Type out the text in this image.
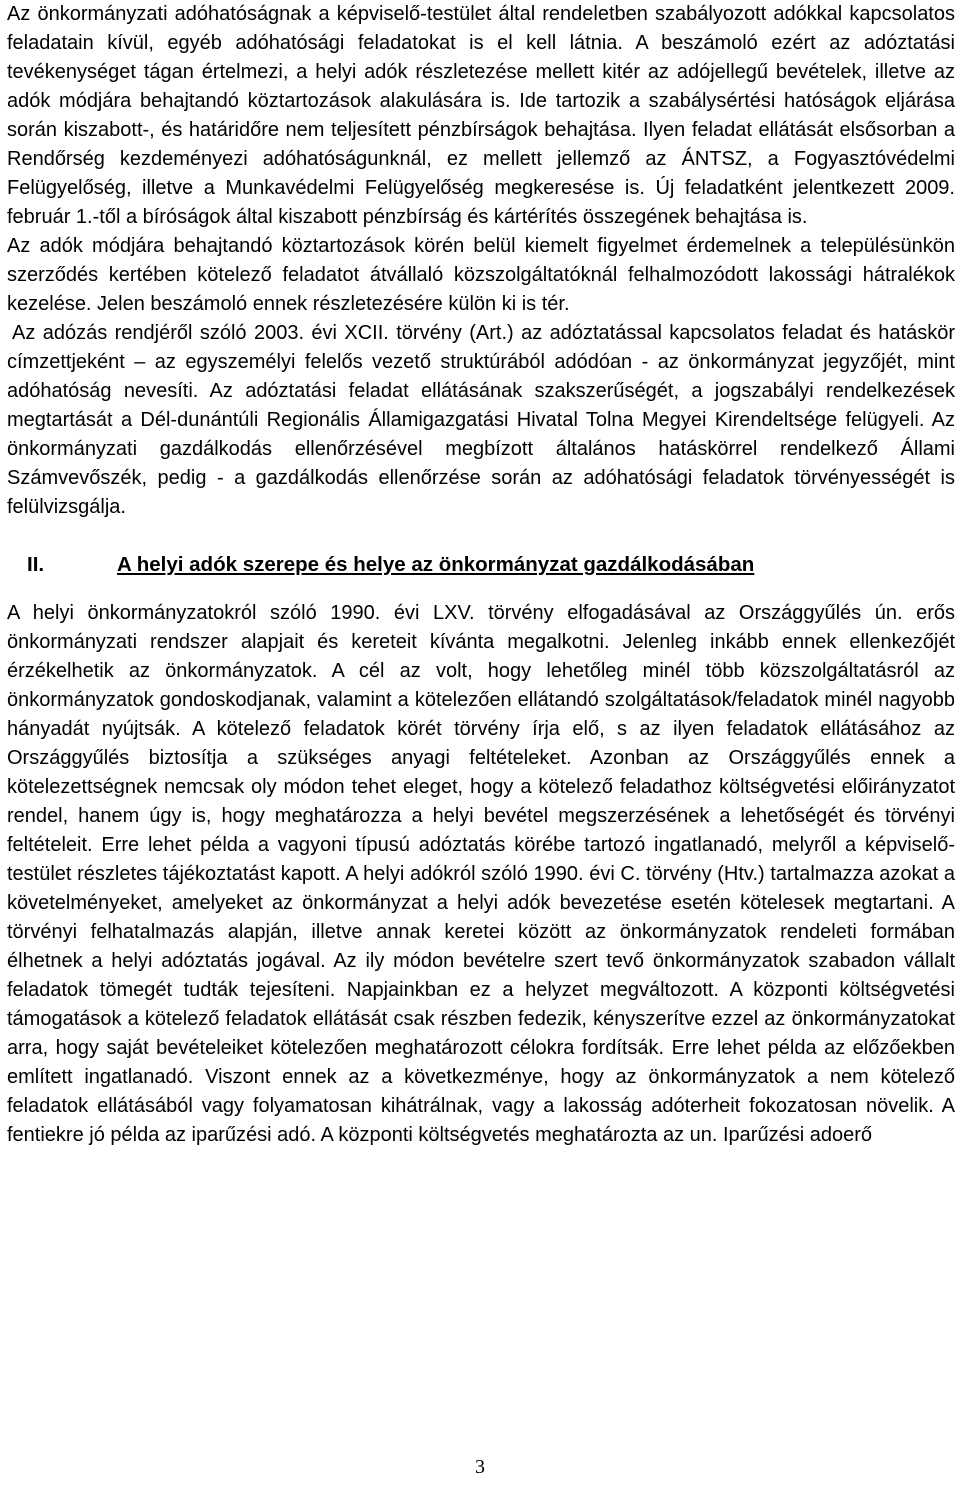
Az önkormányzati adóhatóságnak a képviselő-testület által rendeletben szabályozott adókkal kapcsolatos feladatain kívül, egyéb adóhatósági feladatokat is el kell látnia. A beszámoló ezért az adóztatási tevékenységet tágan értelmezi, a helyi adók részletezése mellett kitér az adójellegű bevételek, illetve az adók módjára behajtandó köztartozások alakulására is. Ide tartozik a szabálysértési hatóságok eljárása során kiszabott-, és határidőre nem teljesített pénzbírságok behajtása. Ilyen feladat ellátását elsősorban a Rendőrség kezdeményezi adóhatóságunknál, ez mellett jellemző az ÁNTSZ, a Fogyasztóvédelmi Felügyelőség, illetve a Munkavédelmi Felügyelőség megkeresése is. Új feladatként jelentkezett 2009. február 1.-től a bíróságok által kiszabott pénzbírság és kártérítés összegének behajtása is.

Az adók módjára behajtandó köztartozások körén belül kiemelt figyelmet érdemelnek a településünkön szerződés kertében kötelező feladatot átvállaló közszolgáltatóknál felhalmozódott lakossági hátralékok kezelése. Jelen beszámoló ennek részletezésére külön ki is tér.

Az adózás rendjéről szóló 2003. évi XCII. törvény (Art.) az adóztatással kapcsolatos feladat és hatáskör címzettjeként – az egyszemélyi felelős vezető struktúrából adódóan - az önkormányzat jegyzőjét, mint adóhatóság nevesíti. Az adóztatási feladat ellátásának szakszerűségét, a jogszabályi rendelkezések megtartását a Dél-dunántúli Regionális Államigazgatási Hivatal Tolna Megyei Kirendeltsége felügyeli. Az önkormányzati gazdálkodás ellenőrzésével megbízott általános hatáskörrel rendelkező Állami Számvevőszék, pedig - a gazdálkodás ellenőrzése során az adóhatósági feladatok törvényességét is felülvizsgálja.

II.	A helyi adók szerepe és helye az önkormányzat gazdálkodásában

A helyi önkormányzatokról szóló 1990. évi LXV. törvény elfogadásával az Országgyűlés ún. erős önkormányzati rendszer alapjait és kereteit kívánta megalkotni. Jelenleg inkább ennek ellenkezőjét érzékelhetik az önkormányzatok. A cél az volt, hogy lehetőleg minél több közszolgáltatásról az önkormányzatok gondoskodjanak, valamint a kötelezően ellátandó szolgáltatások/feladatok minél nagyobb hányadát nyújtsák. A kötelező feladatok körét törvény írja elő, s az ilyen feladatok ellátásához az Országgyűlés biztosítja a szükséges anyagi feltételeket. Azonban az Országgyűlés ennek a kötelezettségnek nemcsak oly módon tehet eleget, hogy a kötelező feladathoz költségvetési előirányzatot rendel, hanem úgy is, hogy meghatározza a helyi bevétel megszerzésének a lehetőségét és törvényi feltételeit. Erre lehet példa a vagyoni típusú adóztatás körébe tartozó ingatlanadó, melyről a képviselő-testület részletes tájékoztatást kapott. A helyi adókról szóló 1990. évi C. törvény (Htv.) tartalmazza azokat a követelményeket, amelyeket az önkormányzat a helyi adók bevezetése esetén kötelesek megtartani. A törvényi felhatalmazás alapján, illetve annak keretei között az önkormányzatok rendeleti formában élhetnek a helyi adóztatás jogával. Az ily módon bevételre szert tevő önkormányzatok szabadon vállalt feladatok tömegét tudták tejesíteni. Napjainkban ez a helyzet megváltozott. A központi költségvetési támogatások a kötelező feladatok ellátását csak részben fedezik, kényszerítve ezzel az önkormányzatokat arra, hogy saját bevételeiket kötelezően meghatározott célokra fordítsák. Erre lehet példa az előzőekben említett ingatlanadó. Viszont ennek az a következménye, hogy az önkormányzatok a nem kötelező feladatok ellátásából vagy folyamatosan kihátrálnak, vagy a lakosság adóterheit fokozatosan növelik. A fentiekre jó példa az iparűzési adó. A központi költségvetés meghatározta az un. Iparűzési adoerő

3
